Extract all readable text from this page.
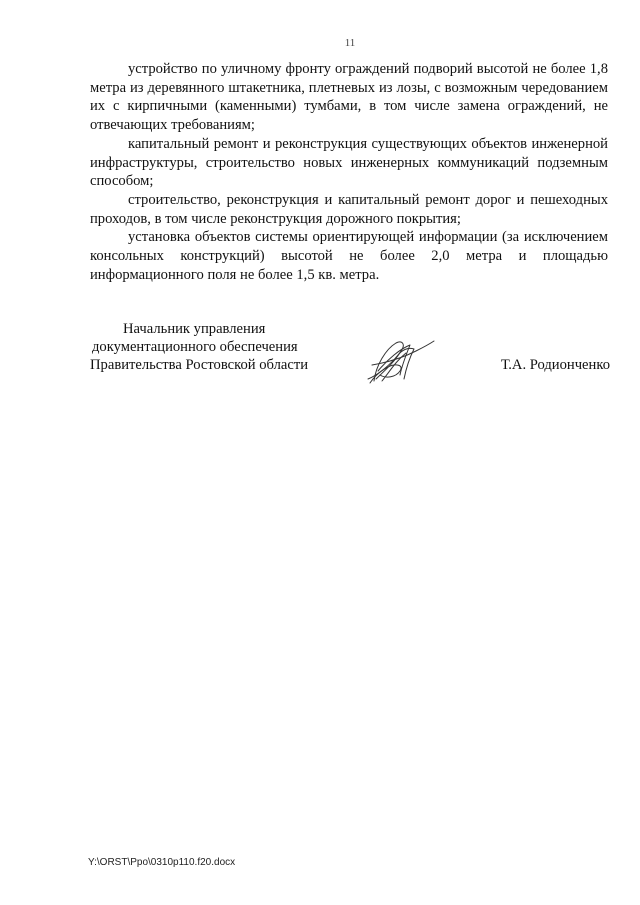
11

устройство по уличному фронту ограждений подворий высотой не более 1,8 метра из деревянного штакетника, плетневых из лозы, с возможным чередованием их с кирпичными (каменными) тумбами, в том числе замена ограждений, не отвечающих требованиям;

капитальный ремонт и реконструкция существующих объектов инженерной инфраструктуры, строительство новых инженерных коммуникаций подземным способом;

строительство, реконструкция и капитальный ремонт дорог и пешеходных проходов, в том числе реконструкция дорожного покрытия;

установка объектов системы ориентирующей информации (за исключением консольных конструкций) высотой не более 2,0 метра и площадью информационного поля не более 1,5 кв. метра.

Начальник управления
документационного обеспечения
Правительства Ростовской области	Т.А. Родионченко
Y:\ORST\Ppo\0310p110.f20.docx
